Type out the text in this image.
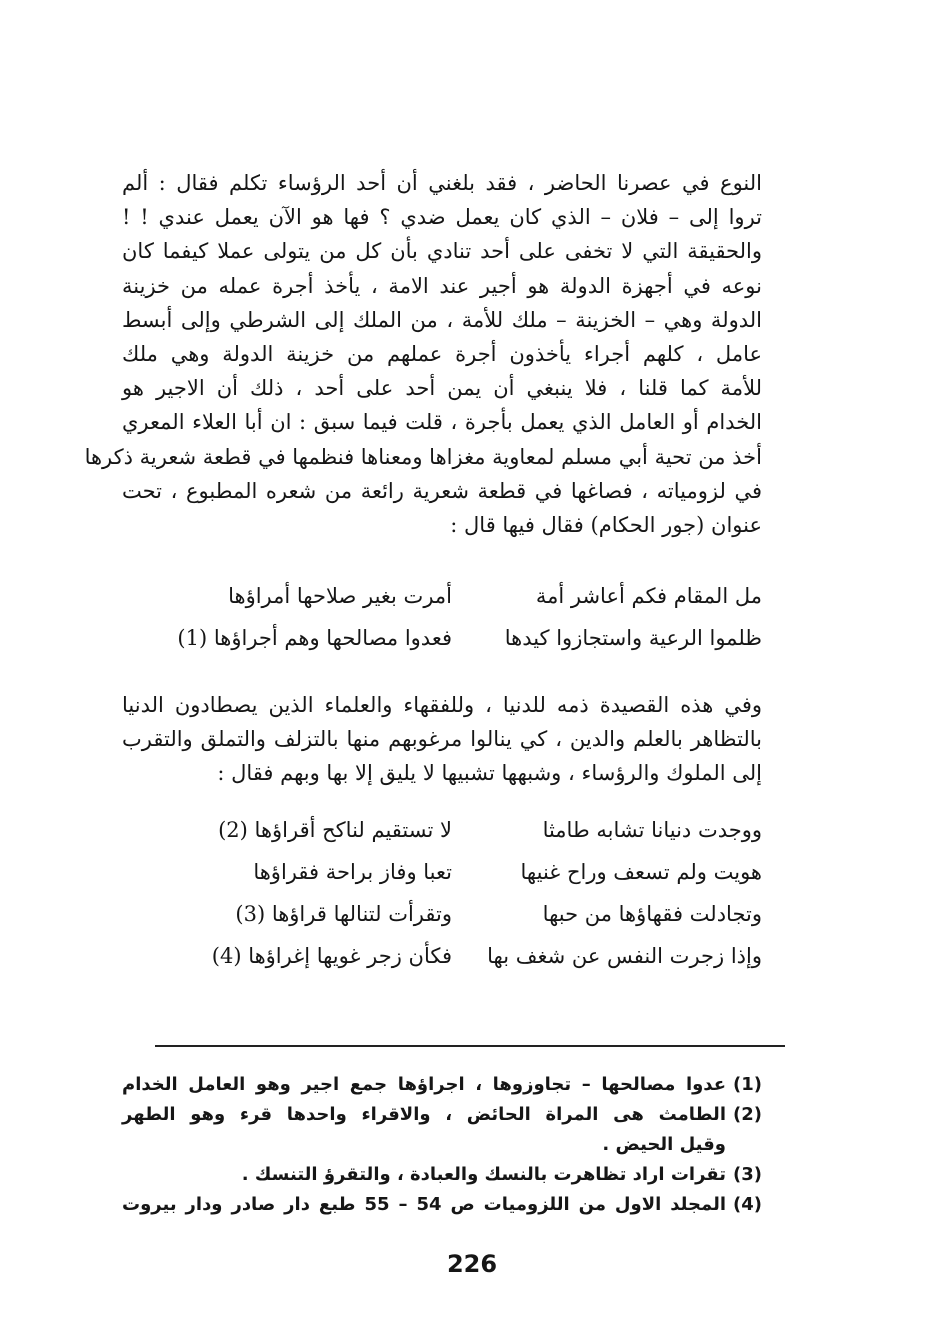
النوع في عصرنا الحاضر ، فقد بلغني أن أحد الرؤساء تكلم فقال : ألم
تروا إلى – فلان – الذي كان يعمل ضدي ؟ فها هو الآن يعمل عندي ! !
والحقيقة التي لا تخفى على أحد تنادي بأن كل من يتولى عملا كيفما كان
نوعه في أجهزة الدولة هو أجير عند الامة ، يأخذ أجرة عمله من خزينة
الدولة وهي – الخزينة – ملك للأمة ، من الملك إلى الشرطي وإلى أبسط
عامل ، كلهم أجراء يأخذون أجرة عملهم من خزينة الدولة وهي ملك
للأمة كما قلنا ، فلا ينبغي أن يمن أحد على أحد ، ذلك أن الاجير هو
الخدام أو العامل الذي يعمل بأجرة ، قلت فيما سبق : ان أبا العلاء المعري
أخذ من تحية أبي مسلم لمعاوية مغزاها ومعناها فنظمها في قطعة شعرية ذكرها
في لزومياته ، فصاغها في قطعة شعرية رائعة من شعره المطبوع ، تحت
عنوان (جور الحكام) فقال فيها قال :
مل المقام فكم أعاشر أمة
أمرت بغير صلاحها أمراؤها
ظلموا الرعية واستجازوا كيدها
فعدوا مصالحها وهم أجراؤها (1)
وفي هذه القصيدة ذمه للدنيا ، وللفقهاء والعلماء الذين يصطادون الدنيا
بالتظاهر بالعلم والدين ، كي ينالوا مرغوبهم منها بالتزلف والتملق والتقرب
إلى الملوك والرؤساء ، وشبهها تشبيها لا يليق إلا بها وبهم فقال :
ووجدت دنيانا تشابه طامثا
لا تستقيم لناكح أقراؤها (2)
هويت ولم تسعف وراح غنيها
تعبا وفاز براحة فقراؤها
وتجادلت فقهاؤها من حبها
وتقرأت لتنالها قراؤها (3)
وإذا زجرت النفس عن شغف بها
فكأن زجر غويها إغراؤها (4)
(1)
عدوا مصالحها – تجاوزوها ، اجراؤها جمع اجير وهو العامل الخدام
(2)
الطامث هى المراة الحائض ، والاقراء واحدها قرء وهو الطهر
وقيل الحيض .
(3)
تقرات اراد تظاهرت بالنسك والعبادة ، والتقرؤ التنسك .
(4)
المجلد الاول من اللزوميات ص 54 – 55 طبع دار صادر ودار بيروت
226
